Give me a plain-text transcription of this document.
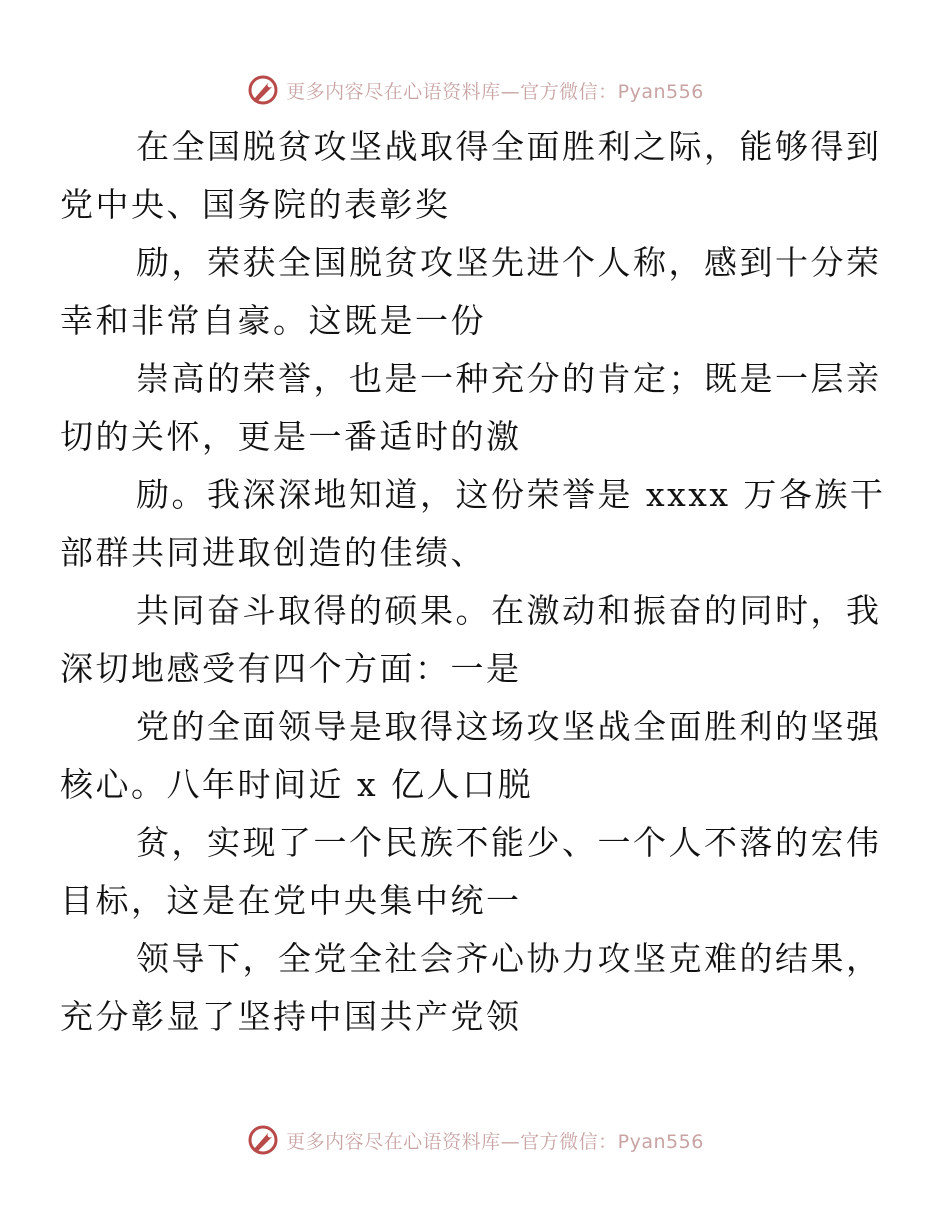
更多内容尽在心语资料库—官方微信：Pyan556

在全国脱贫攻坚战取得全面胜利之际，能够得到
党中央、国务院的表彰奖

励，荣获全国脱贫攻坚先进个人称，感到十分荣
幸和非常自豪。这既是一份

崇高的荣誉，也是一种充分的肯定；既是一层亲
切的关怀，更是一番适时的激

励。我深深地知道，这份荣誉是 xxxx 万各族干
部群共同进取创造的佳绩、

共同奋斗取得的硕果。在激动和振奋的同时，我
深切地感受有四个方面：一是

党的全面领导是取得这场攻坚战全面胜利的坚强
核心。八年时间近 x 亿人口脱

贫，实现了一个民族不能少、一个人不落的宏伟
目标，这是在党中央集中统一

领导下，全党全社会齐心协力攻坚克难的结果，
充分彰显了坚持中国共产党领

更多内容尽在心语资料库—官方微信：Pyan556
